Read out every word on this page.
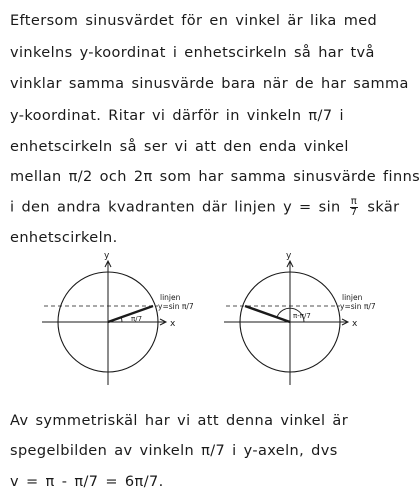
Eftersom sinusvärdet för en vinkel är lika med
vinkelns y-koordinat i enhetscirkeln så har två
vinklar samma sinusvärde bara när de har samma
y-koordinat. Ritar vi därför in vinkeln π/7 i
enhetscirkeln så ser vi att den enda vinkel
mellan π/2 och 2π som har samma sinusvärde finns
i den andra kvadranten där linjen $y = \sin \frac{\pi}{7}$ skär
enhetscirkeln.
y
x
π/7
linjen
y=sin π/7
y
x
π-π/7
linjen
y=sin π/7
Av symmetriskäl har vi att denna vinkel är
spegelbilden av vinkeln π/7 i y-axeln, dvs
v = π - π/7 = 6π/7.
